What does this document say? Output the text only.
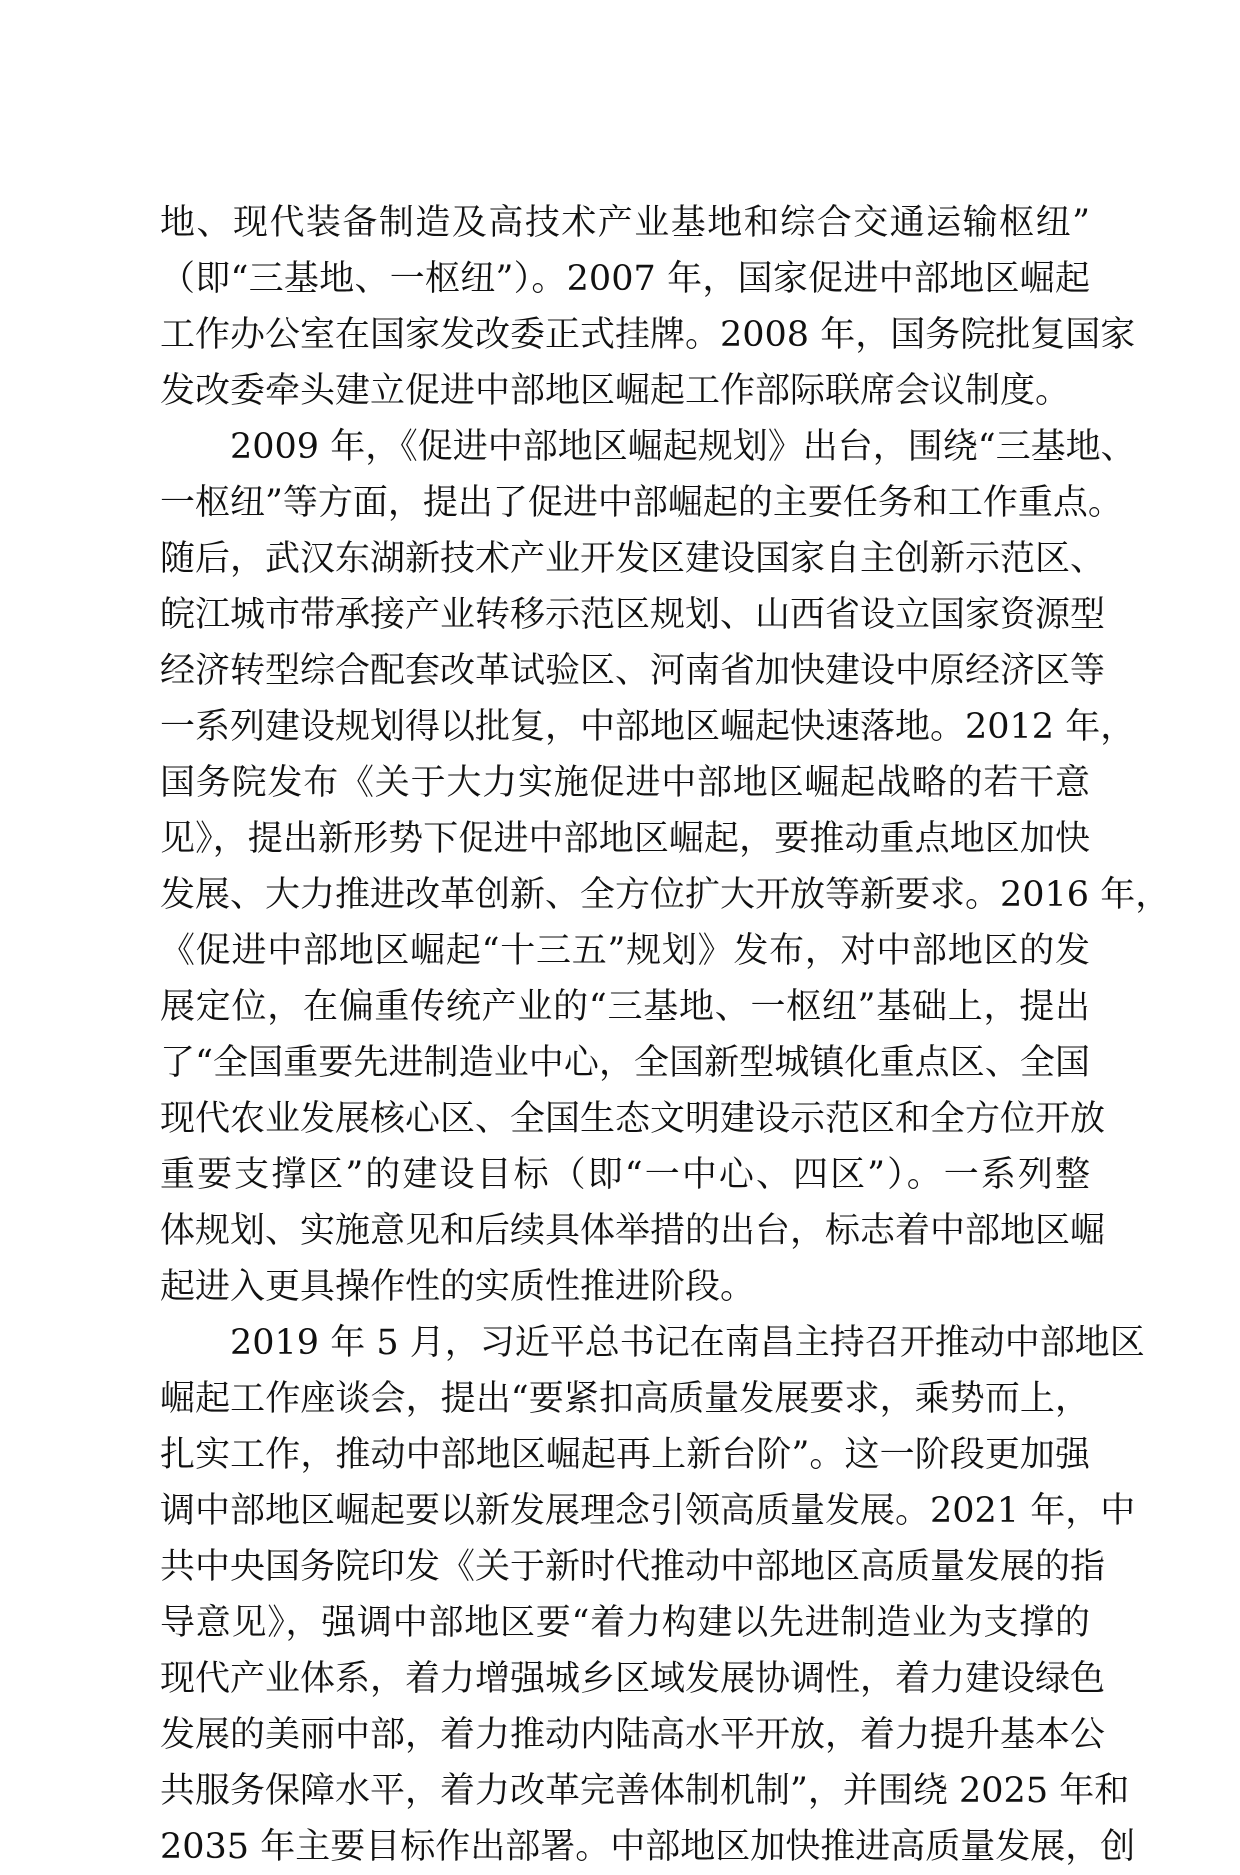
地、现代装备制造及高技术产业基地和综合交通运输枢纽”
（即“三基地、一枢纽”）。2007 年，国家促进中部地区崛起
工作办公室在国家发改委正式挂牌。2008 年，国务院批复国家
发改委牵头建立促进中部地区崛起工作部际联席会议制度。
2009 年，《促进中部地区崛起规划》出台，围绕“三基地、
一枢纽”等方面，提出了促进中部崛起的主要任务和工作重点。
随后，武汉东湖新技术产业开发区建设国家自主创新示范区、
皖江城市带承接产业转移示范区规划、山西省设立国家资源型
经济转型综合配套改革试验区、河南省加快建设中原经济区等
一系列建设规划得以批复，中部地区崛起快速落地。2012 年，
国务院发布《关于大力实施促进中部地区崛起战略的若干意
见》，提出新形势下促进中部地区崛起，要推动重点地区加快
发展、大力推进改革创新、全方位扩大开放等新要求。2016 年，
《促进中部地区崛起“十三五”规划》发布，对中部地区的发
展定位，在偏重传统产业的“三基地、一枢纽”基础上，提出
了“全国重要先进制造业中心，全国新型城镇化重点区、全国
现代农业发展核心区、全国生态文明建设示范区和全方位开放
重要支撑区”的建设目标（即“一中心、四区”）。一系列整
体规划、实施意见和后续具体举措的出台，标志着中部地区崛
起进入更具操作性的实质性推进阶段。
2019 年 5 月，习近平总书记在南昌主持召开推动中部地区
崛起工作座谈会，提出“要紧扣高质量发展要求，乘势而上，
扎实工作，推动中部地区崛起再上新台阶”。这一阶段更加强
调中部地区崛起要以新发展理念引领高质量发展。2021 年，中
共中央国务院印发《关于新时代推动中部地区高质量发展的指
导意见》，强调中部地区要“着力构建以先进制造业为支撑的
现代产业体系，着力增强城乡区域发展协调性，着力建设绿色
发展的美丽中部，着力推动内陆高水平开放，着力提升基本公
共服务保障水平，着力改革完善体制机制”，并围绕 2025 年和
2035 年主要目标作出部署。中部地区加快推进高质量发展，创
